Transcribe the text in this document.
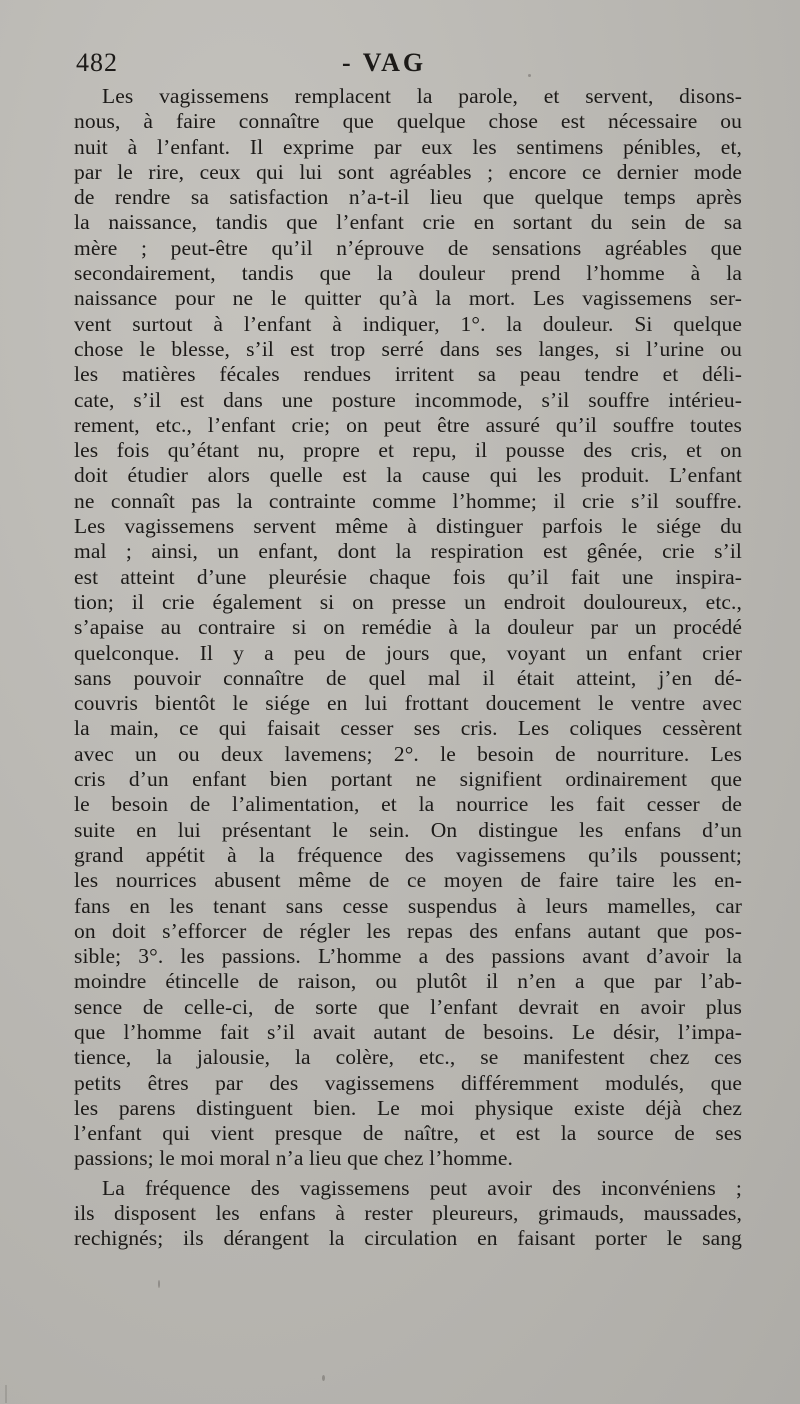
482	- VAG
Les vagissemens remplacent la parole, et servent, disons-
nous, à faire connaître que quelque chose est nécessaire ou
nuit à l’enfant. Il exprime par eux les sentimens pénibles, et,
par le rire, ceux qui lui sont agréables ; encore ce dernier mode
de rendre sa satisfaction n’a-t-il lieu que quelque temps après
la naissance, tandis que l’enfant crie en sortant du sein de sa
mère ; peut-être qu’il n’éprouve de sensations agréables que
secondairement, tandis que la douleur prend l’homme à la
naissance pour ne le quitter qu’à la mort. Les vagissemens ser-
vent surtout à l’enfant à indiquer, 1°. la douleur. Si quelque
chose le blesse, s’il est trop serré dans ses langes, si l’urine ou
les matières fécales rendues irritent sa peau tendre et déli-
cate, s’il est dans une posture incommode, s’il souffre intérieu-
rement, etc., l’enfant crie; on peut être assuré qu’il souffre toutes
les fois qu’étant nu, propre et repu, il pousse des cris, et on
doit étudier alors quelle est la cause qui les produit. L’enfant
ne connaît pas la contrainte comme l’homme; il crie s’il souffre.
Les vagissemens servent même à distinguer parfois le siége du
mal ; ainsi, un enfant, dont la respiration est gênée, crie s’il
est atteint d’une pleurésie chaque fois qu’il fait une inspira-
tion; il crie également si on presse un endroit douloureux, etc.,
s’apaise au contraire si on remédie à la douleur par un procédé
quelconque. Il y a peu de jours que, voyant un enfant crier
sans pouvoir connaître de quel mal il était atteint, j’en dé-
couvris bientôt le siége en lui frottant doucement le ventre avec
la main, ce qui faisait cesser ses cris. Les coliques cessèrent
avec un ou deux lavemens; 2°. le besoin de nourriture. Les
cris d’un enfant bien portant ne signifient ordinairement que
le besoin de l’alimentation, et la nourrice les fait cesser de
suite en lui présentant le sein. On distingue les enfans d’un
grand appétit à la fréquence des vagissemens qu’ils poussent;
les nourrices abusent même de ce moyen de faire taire les en-
fans en les tenant sans cesse suspendus à leurs mamelles, car
on doit s’efforcer de régler les repas des enfans autant que pos-
sible; 3°. les passions. L’homme a des passions avant d’avoir la
moindre étincelle de raison, ou plutôt il n’en a que par l’ab-
sence de celle-ci, de sorte que l’enfant devrait en avoir plus
que l’homme fait s’il avait autant de besoins. Le désir, l’impa-
tience, la jalousie, la colère, etc., se manifestent chez ces
petits êtres par des vagissemens différemment modulés, que
les parens distinguent bien. Le moi physique existe déjà chez
l’enfant qui vient presque de naître, et est la source de ses
passions; le moi moral n’a lieu que chez l’homme.
La fréquence des vagissemens peut avoir des inconvéniens ;
ils disposent les enfans à rester pleureurs, grimauds, maussades,
rechignés; ils dérangent la circulation en faisant porter le sang
